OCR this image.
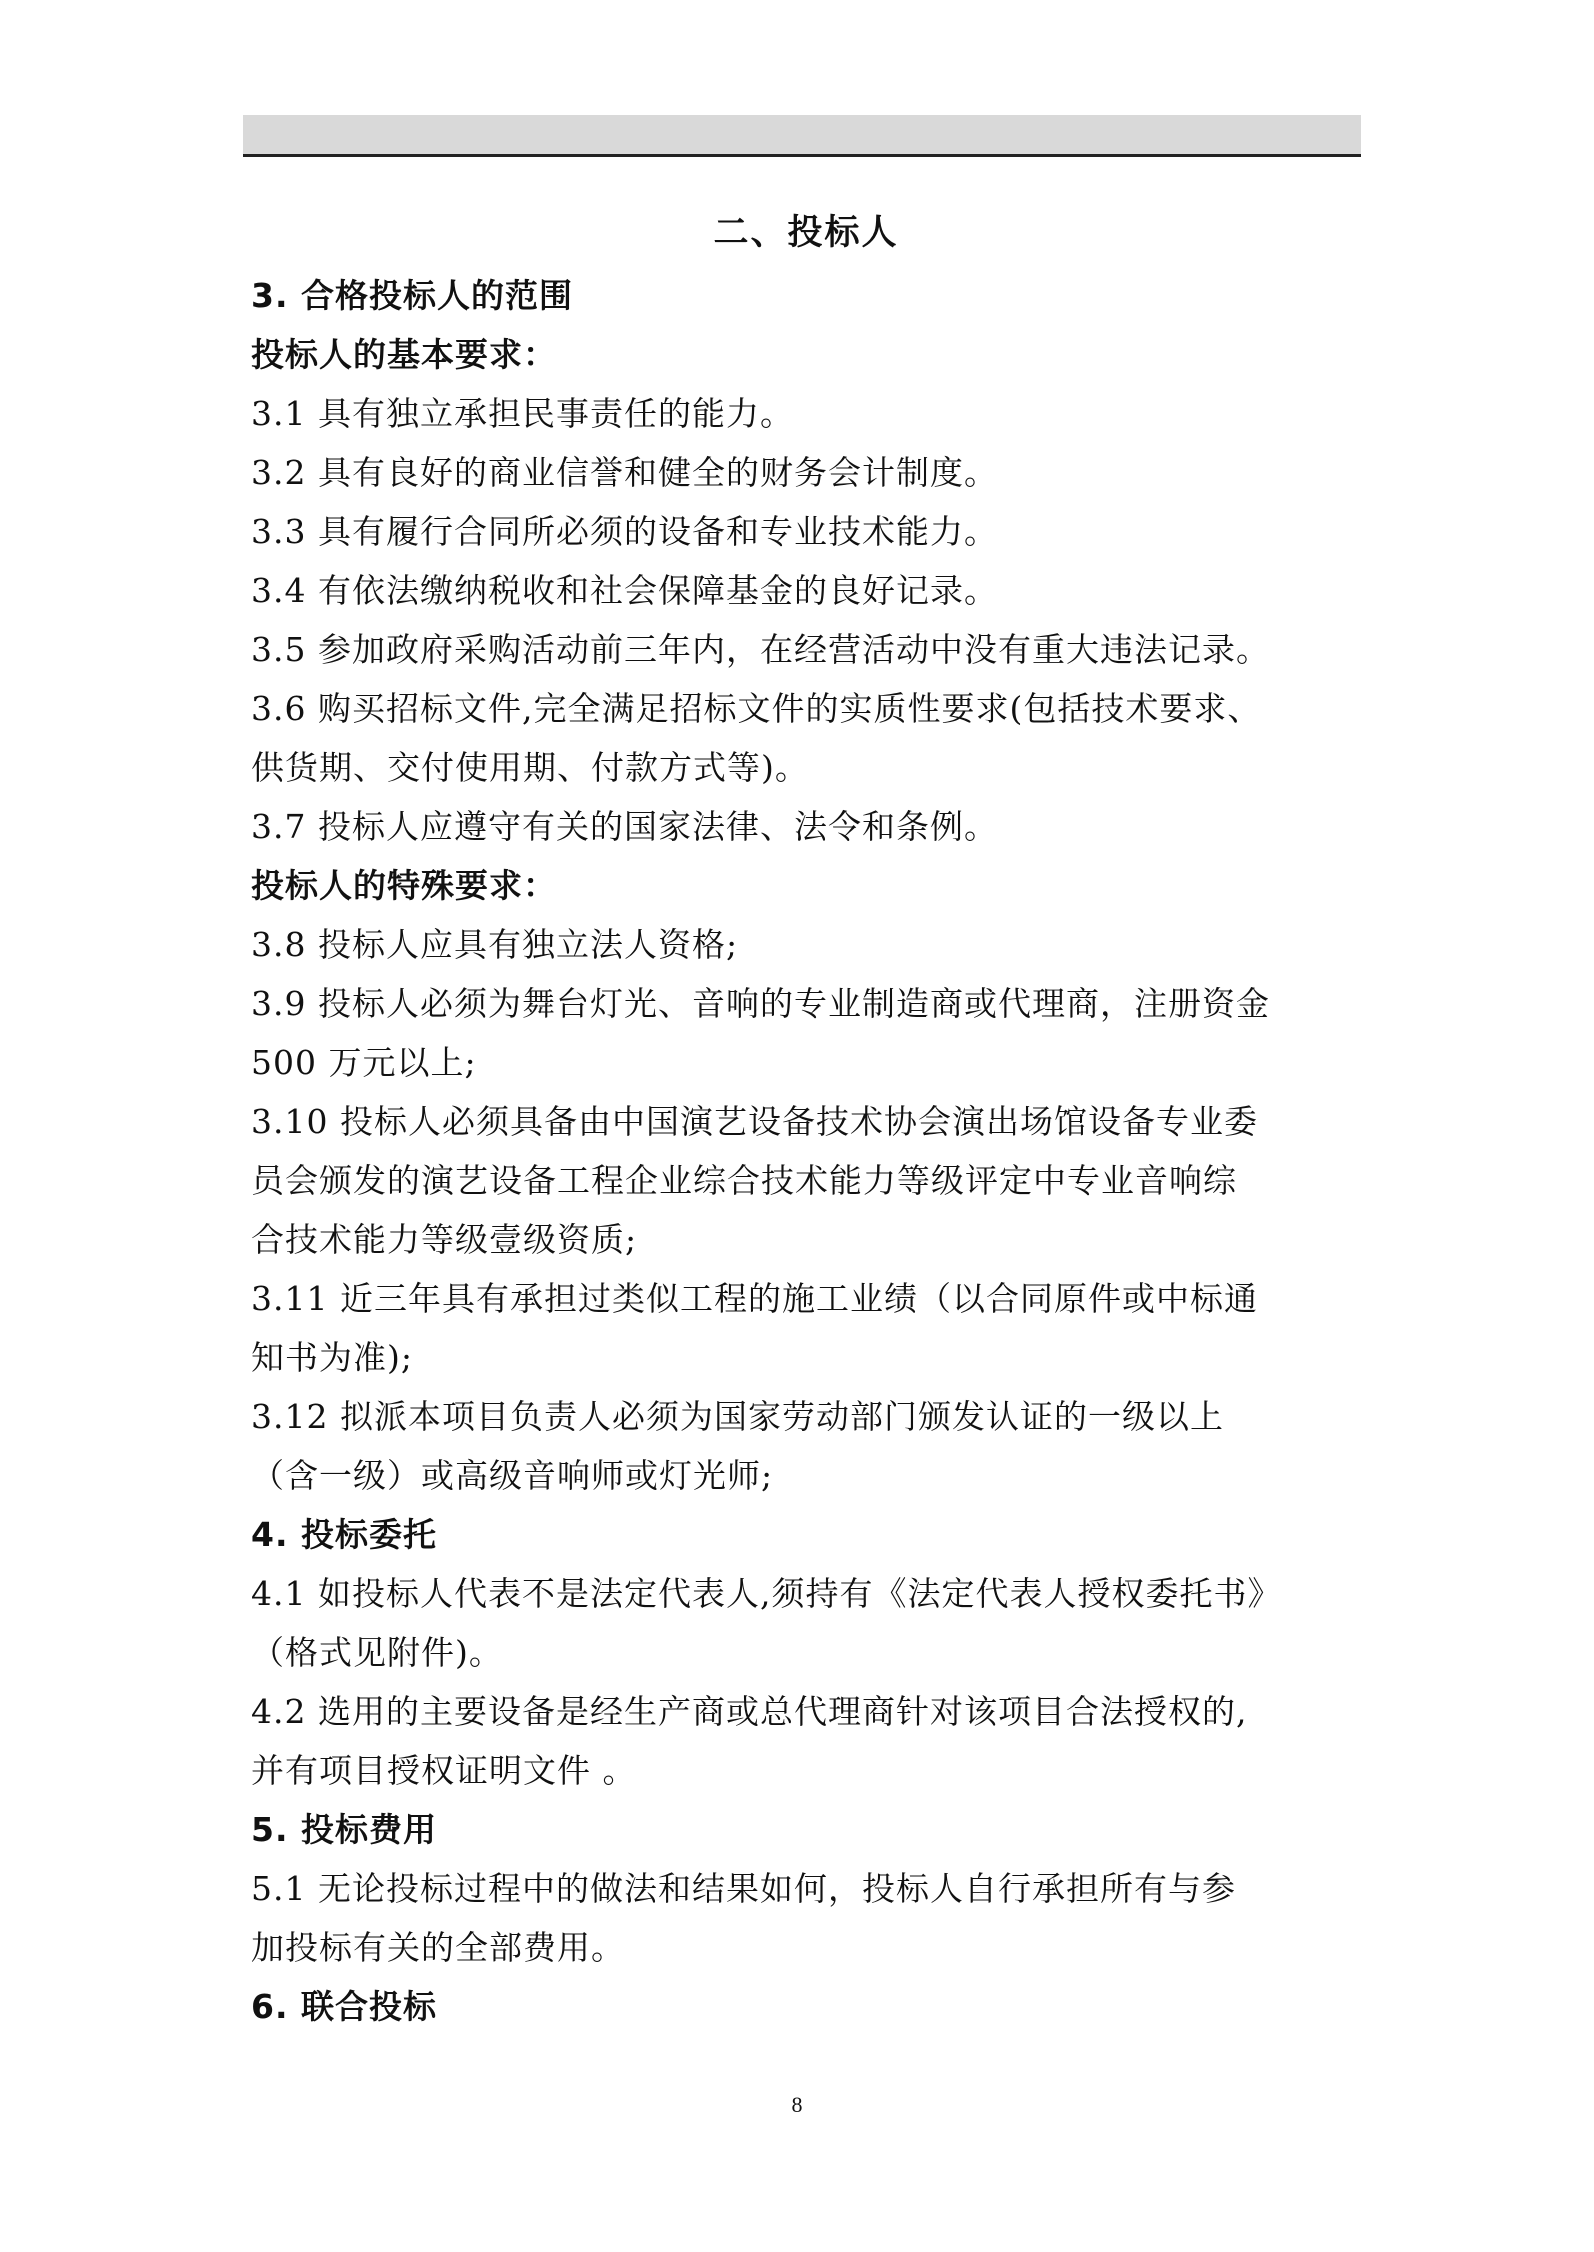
二、投标人
3. 合格投标人的范围
投标人的基本要求：
3.1 具有独立承担民事责任的能力。
3.2 具有良好的商业信誉和健全的财务会计制度。
3.3 具有履行合同所必须的设备和专业技术能力。
3.4 有依法缴纳税收和社会保障基金的良好记录。
3.5 参加政府采购活动前三年内，在经营活动中没有重大违法记录。
3.6 购买招标文件,完全满足招标文件的实质性要求(包括技术要求、
供货期、交付使用期、付款方式等)。
3.7 投标人应遵守有关的国家法律、法令和条例。
投标人的特殊要求：
3.8 投标人应具有独立法人资格;
3.9 投标人必须为舞台灯光、音响的专业制造商或代理商，注册资金
500 万元以上;
3.10 投标人必须具备由中国演艺设备技术协会演出场馆设备专业委
员会颁发的演艺设备工程企业综合技术能力等级评定中专业音响综
合技术能力等级壹级资质;
3.11 近三年具有承担过类似工程的施工业绩（以合同原件或中标通
知书为准);
3.12 拟派本项目负责人必须为国家劳动部门颁发认证的一级以上
（含一级）或高级音响师或灯光师;
4. 投标委托
4.1 如投标人代表不是法定代表人,须持有《法定代表人授权委托书》
（格式见附件)。
4.2 选用的主要设备是经生产商或总代理商针对该项目合法授权的,
并有项目授权证明文件 。
5. 投标费用
5.1 无论投标过程中的做法和结果如何，投标人自行承担所有与参
加投标有关的全部费用。
6. 联合投标
8
